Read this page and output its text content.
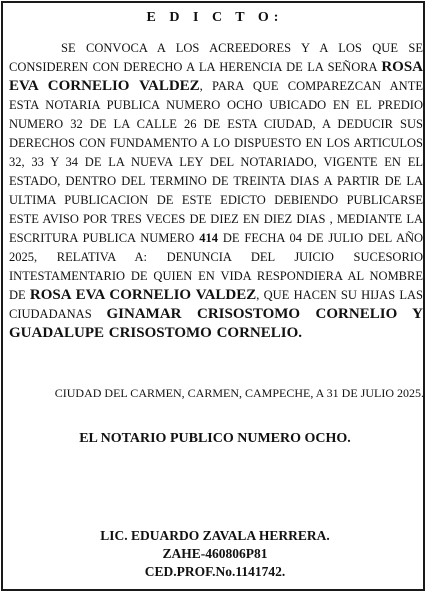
E D I C T O:
SE CONVOCA A LOS ACREEDORES Y A LOS QUE SE CONSIDEREN CON DERECHO A LA HERENCIA DE LA SEÑORA ROSA EVA CORNELIO VALDEZ, PARA QUE COMPAREZCAN ANTE ESTA NOTARIA PUBLICA NUMERO OCHO UBICADO EN EL PREDIO NUMERO 32 DE LA CALLE 26 DE ESTA CIUDAD, A DEDUCIR SUS DERECHOS CON FUNDAMENTO A LO DISPUESTO EN LOS ARTICULOS 32, 33 Y 34 DE LA NUEVA LEY DEL NOTARIADO, VIGENTE EN EL ESTADO, DENTRO DEL TERMINO DE TREINTA DIAS A PARTIR DE LA ULTIMA PUBLICACION DE ESTE EDICTO DEBIENDO PUBLICARSE ESTE AVISO POR TRES VECES DE DIEZ EN DIEZ DIAS , MEDIANTE LA ESCRITURA PUBLICA NUMERO 414 DE FECHA 04 DE JULIO DEL AÑO 2025, RELATIVA A: DENUNCIA DEL JUICIO SUCESORIO INTESTAMENTARIO DE QUIEN EN VIDA RESPONDIERA AL NOMBRE DE ROSA EVA CORNELIO VALDEZ, QUE HACEN SU HIJAS LAS CIUDADANAS GINAMAR CRISOSTOMO CORNELIO Y GUADALUPE CRISOSTOMO CORNELIO.
CIUDAD DEL CARMEN, CARMEN, CAMPECHE, A 31 DE JULIO 2025.
EL NOTARIO PUBLICO NUMERO OCHO.
LIC. EDUARDO ZAVALA HERRERA.
ZAHE-460806P81
CED.PROF.No.1141742.
